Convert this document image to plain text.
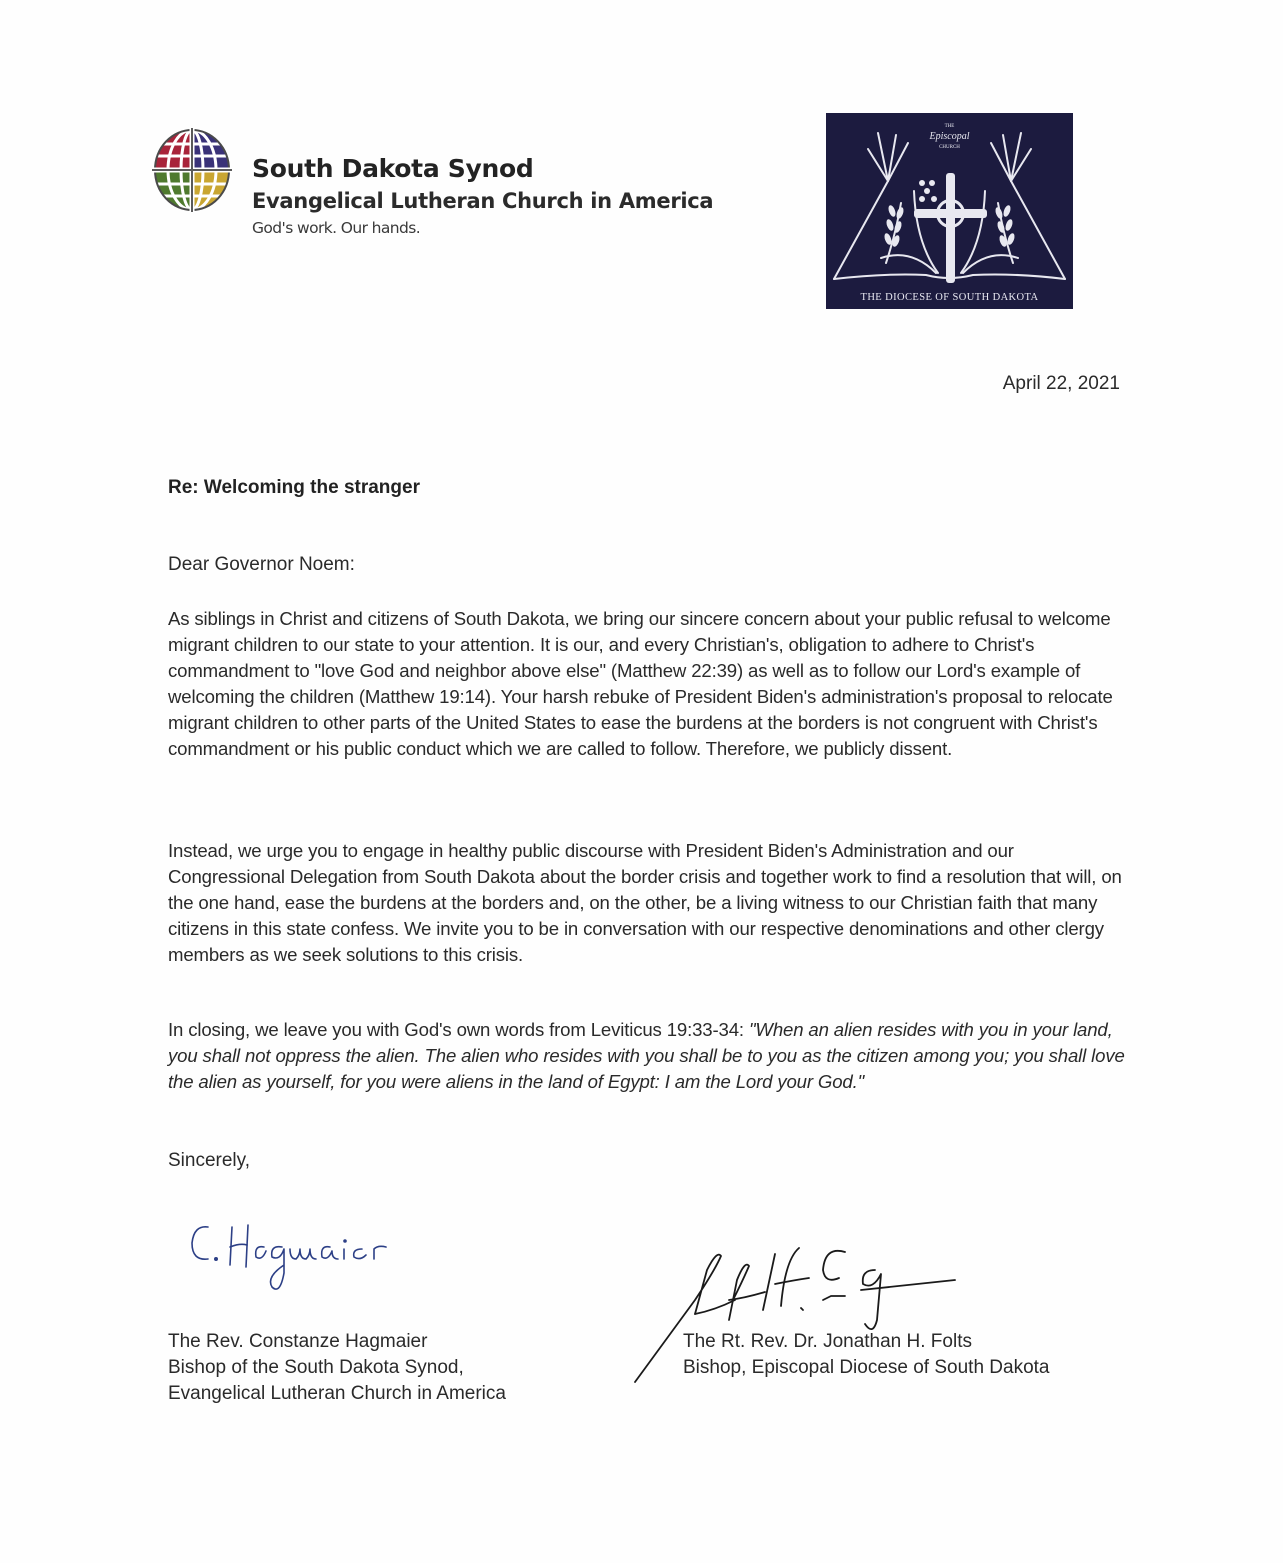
South Dakota Synod
Evangelical Lutheran Church in America
God's work. Our hands.
THE
Episcopal
CHURCH
THE DIOCESE OF SOUTH DAKOTA
April 22, 2021
Re: Welcoming the stranger
Dear Governor Noem:

As siblings in Christ and citizens of South Dakota, we bring our sincere concern about your public refusal to welcome migrant children to our state to your attention. It is our, and every Christian's, obligation to adhere to Christ's commandment to "love God and neighbor above else" (Matthew 22:39) as well as to follow our Lord's example of welcoming the children (Matthew 19:14). Your harsh rebuke of President Biden's administration's proposal to relocate migrant children to other parts of the United States to ease the burdens at the borders is not congruent with Christ's commandment or his public conduct which we are called to follow. Therefore, we publicly dissent.

Instead, we urge you to engage in healthy public discourse with President Biden's Administration and our Congressional Delegation from South Dakota about the border crisis and together work to find a resolution that will, on the one hand, ease the burdens at the borders and, on the other, be a living witness to our Christian faith that many citizens in this state confess. We invite you to be in conversation with our respective denominations and other clergy members as we seek solutions to this crisis.

In closing, we leave you with God's own words from Leviticus 19:33-34: "When an alien resides with you in your land, you shall not oppress the alien. The alien who resides with you shall be to you as the citizen among you; you shall love the alien as yourself, for you were aliens in the land of Egypt: I am the Lord your God."

Sincerely,
The Rev. Constanze Hagmaier
Bishop of the South Dakota Synod,
Evangelical Lutheran Church in America
The Rt. Rev. Dr. Jonathan H. Folts
Bishop, Episcopal Diocese of South Dakota
